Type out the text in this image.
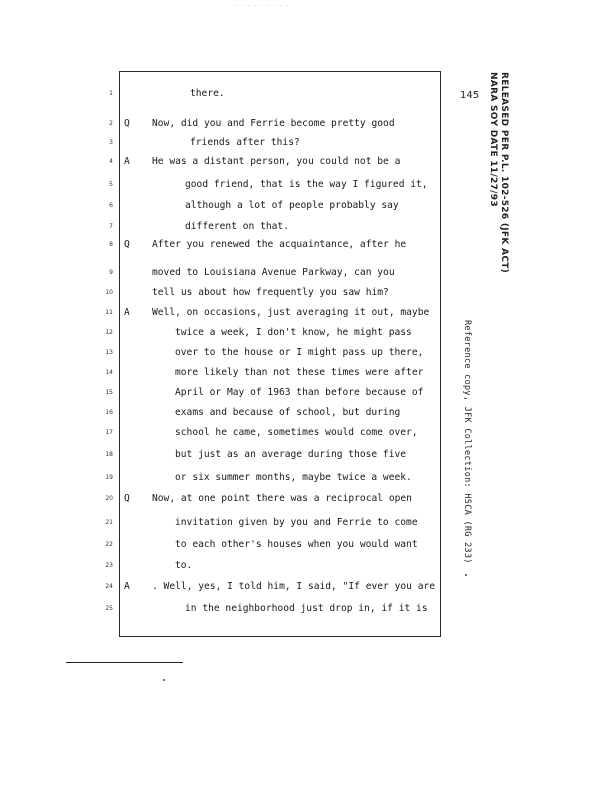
· · · · · · · · ·
145 RELEASED PER P.L. 102-526 (JFK ACT)
NARA SOY DATE 11/27/93
Reference copy, JFK Collection: HSCA (RG 233)
1	there.
2 Q Now, did you and Ferrie become pretty good
3	friends after this?
4 A He was a distant person, you could not be a
5	good friend, that is the way I figured it,
6	although a lot of people probably say
7	different on that.
8 Q After you renewed the acquaintance, after he
9	moved to Louisiana Avenue Parkway, can you
10	tell us about how frequently you saw him?
11 A Well, on occasions, just averaging it out, maybe
12	twice a week, I don't know, he might pass
13	over to the house or I might pass up there,
14	more likely than not these times were after
15	April or May of 1963 than before because of
16	exams and because of school, but during
17	school he came, sometimes would come over,
18	but just as an average during those five
19	or six summer months, maybe twice a week.
20 Q Now, at one point there was a reciprocal open
21	invitation given by you and Ferrie to come
22	to each other's houses when you would want
23	to.
24 A . Well, yes, I told him, I said, "If ever you are
25	in the neighborhood just drop in, if it is
